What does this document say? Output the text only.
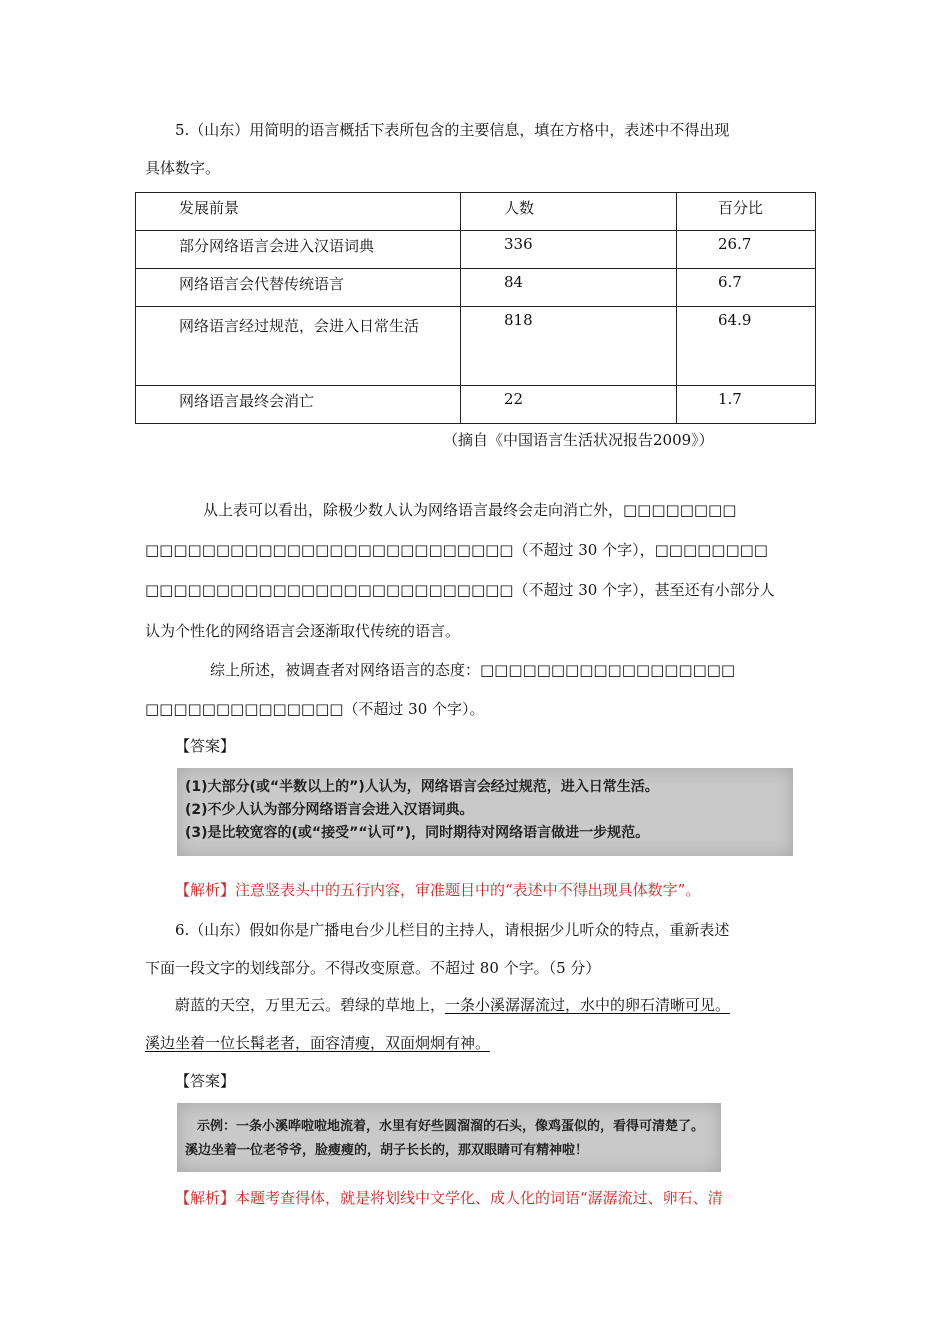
5.（山东）用简明的语言概括下表所包含的主要信息，填在方格中，表述中不得出现
具体数字。
发展前景	人数	百分比
部分网络语言会进入汉语词典	336	26.7
网络语言会代替传统语言	84	6.7
网络语言经过规范，会进入日常生活	818	64.9
网络语言最终会消亡	22	1.7
（摘自《中国语言生活状况报告2009》）
从上表可以看出，除极少数人认为网络语言最终会走向消亡外，□□□□□□□□
□□□□□□□□□□□□□□□□□□□□□□□□□□（不超过 30 个字），□□□□□□□□
□□□□□□□□□□□□□□□□□□□□□□□□□□（不超过 30 个字），甚至还有小部分人
认为个性化的网络语言会逐渐取代传统的语言。
综上所述，被调查者对网络语言的态度：□□□□□□□□□□□□□□□□□□
□□□□□□□□□□□□□□（不超过 30 个字）。
【答案】
(1)大部分(或“半数以上的”)人认为，网络语言会经过规范，进入日常生活。
(2)不少人认为部分网络语言会进入汉语词典。
(3)是比较宽容的(或“接受”“认可”)，同时期待对网络语言做进一步规范。
【解析】注意竖表头中的五行内容，审准题目中的“表述中不得出现具体数字”。
6.（山东）假如你是广播电台少儿栏目的主持人，请根据少儿听众的特点，重新表述
下面一段文字的划线部分。不得改变原意。不超过 80 个字。（5 分）
蔚蓝的天空，万里无云。碧绿的草地上，一条小溪潺潺流过，水中的卵石清晰可见。
溪边坐着一位长髯老者，面容清瘦，双面炯炯有神。
【答案】
示例：一条小溪哗啦啦地流着，水里有好些圆溜溜的石头，像鸡蛋似的，看得可清楚了。
溪边坐着一位老爷爷，脸瘦瘦的，胡子长长的，那双眼睛可有精神啦！
【解析】本题考查得体，就是将划线中文学化、成人化的词语“潺潺流过、卵石、清
